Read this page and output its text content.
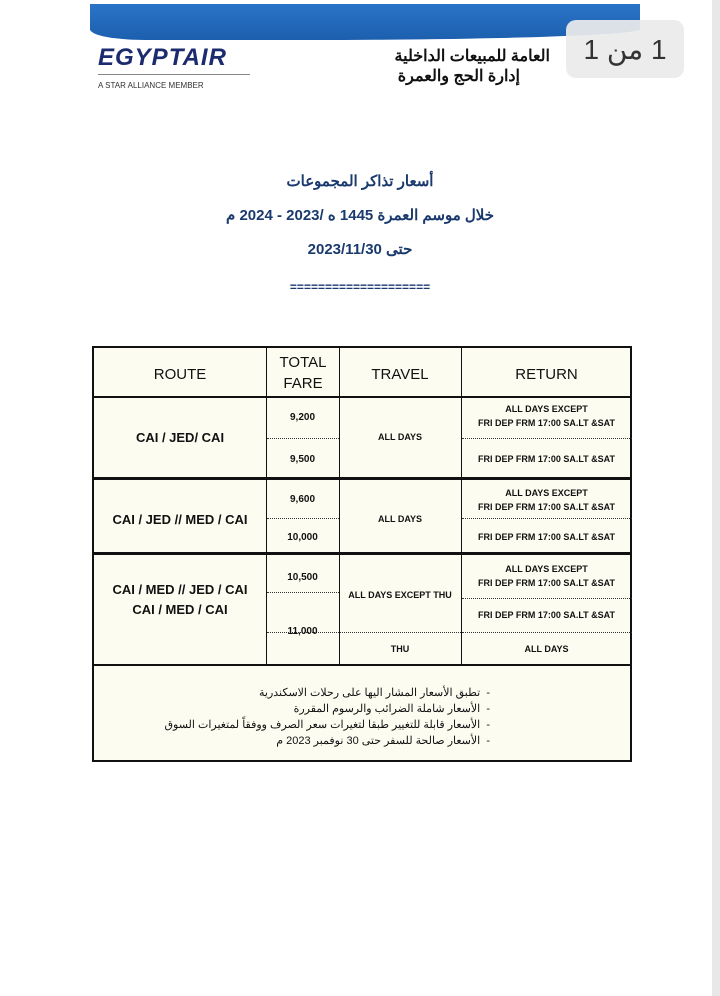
EGYPTAIR
A STAR ALLIANCE MEMBER
العامة للمبيعات الداخلية
إدارة الحج والعمرة
1 من 1
أسعار تذاكر المجموعات
خلال موسم العمرة 1445 ه /2023 - 2024 م
حتى 2023/11/30
====================
ROUTE
TOTAL FARE
TRAVEL	RETURN
CAI / JED/ CAI
9,200
9,500
ALL DAYS
ALL DAYS EXCEPT
FRI DEP FRM 17:00 SA.LT &SAT
FRI DEP FRM 17:00 SA.LT &SAT
CAI / JED // MED / CAI
9,600
10,000
ALL DAYS
ALL DAYS EXCEPT
FRI DEP FRM 17:00 SA.LT &SAT
FRI DEP FRM 17:00 SA.LT &SAT
CAI / MED // JED / CAI
CAI / MED / CAI
10,500
11,000
ALL DAYS EXCEPT THU
THU
ALL DAYS EXCEPT
FRI DEP FRM 17:00 SA.LT &SAT
FRI DEP FRM 17:00 SA.LT &SAT
ALL DAYS
-  تطبق الأسعار المشار اليها على رحلات الاسكندرية
-  الأسعار شاملة الضرائب والرسوم المقررة
-  الأسعار قابلة للتغيير طبقا لتغيرات سعر الصرف ووفقاً لمتغيرات السوق
-  الأسعار صالحة للسفر حتى 30 نوفمبر 2023 م
